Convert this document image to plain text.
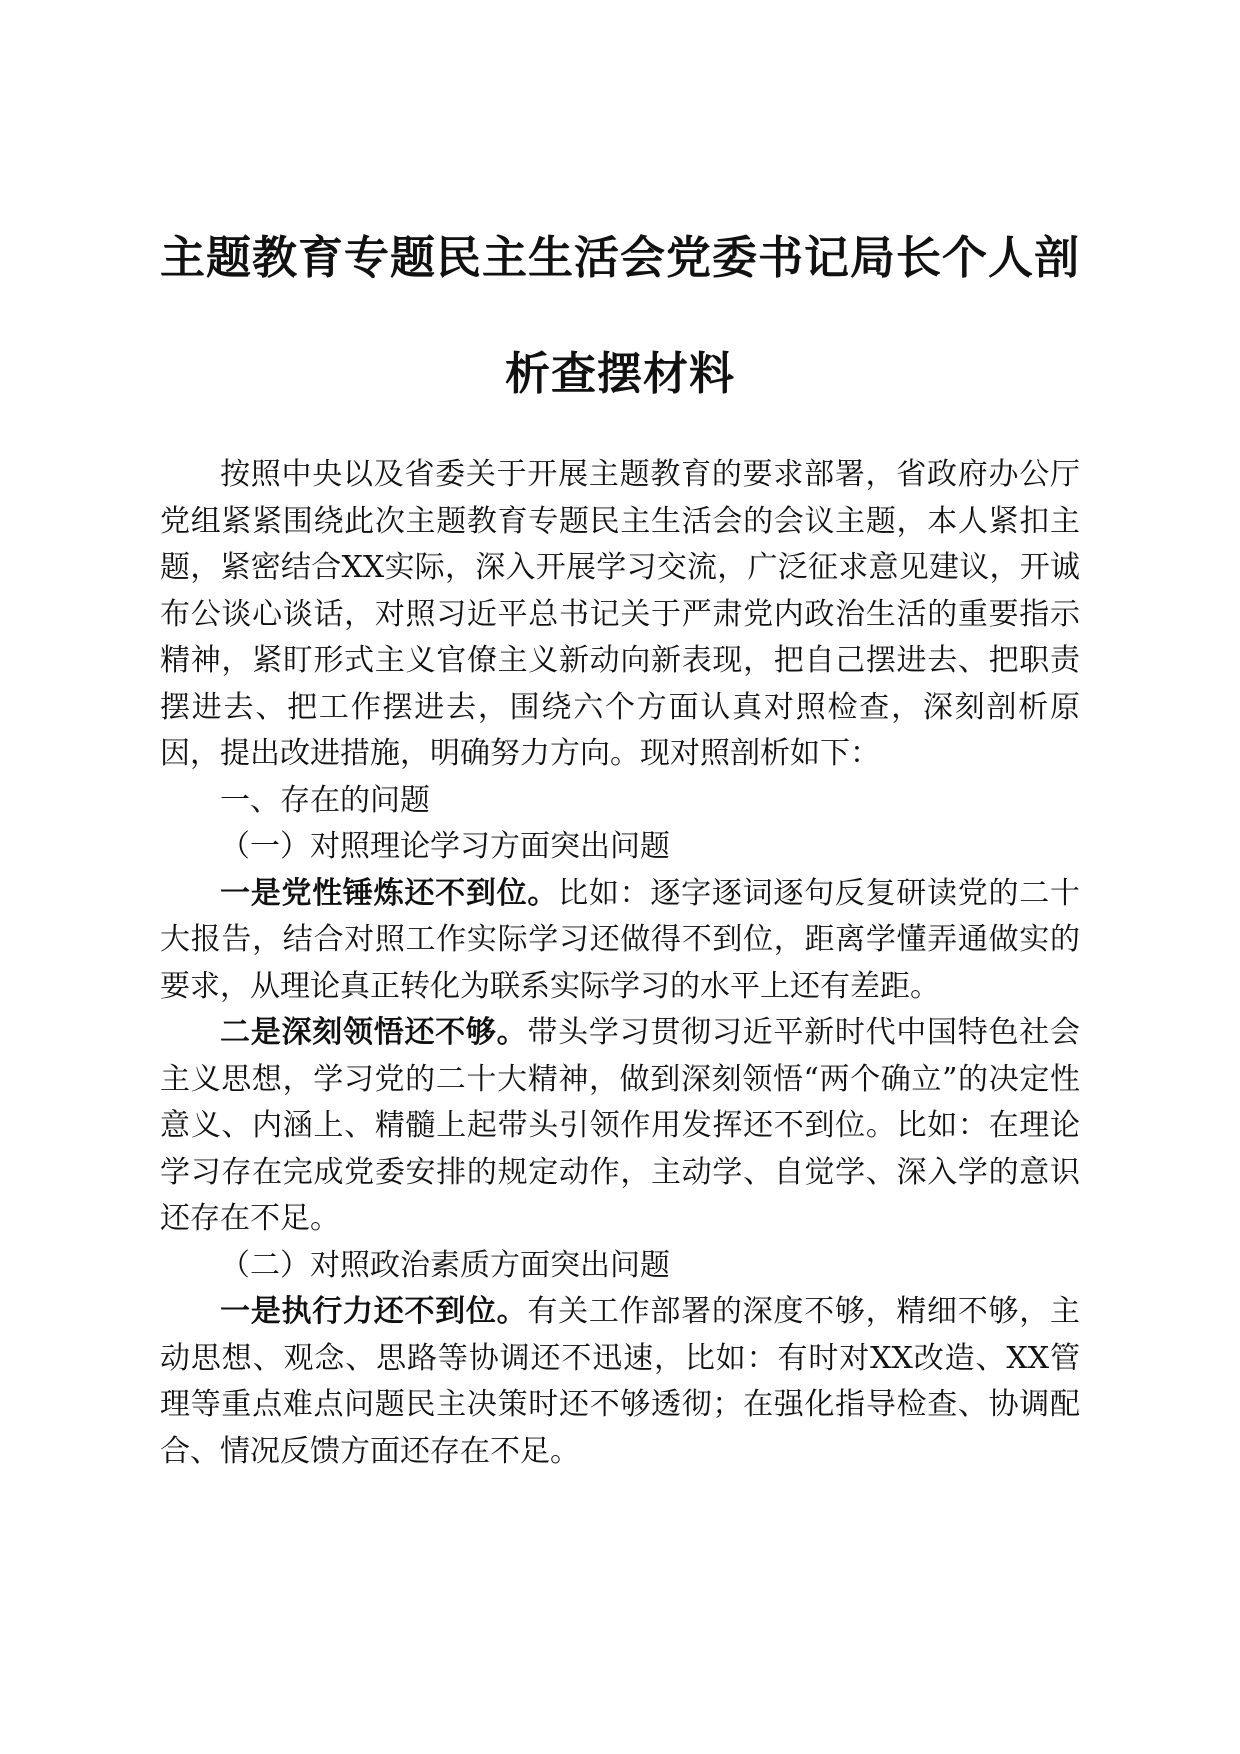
主题教育专题民主生活会党委书记局长个人剖
析查摆材料

按照中央以及省委关于开展主题教育的要求部署，省政府办公厅党组紧紧围绕此次主题教育专题民主生活会的会议主题，本人紧扣主题，紧密结合XX实际，深入开展学习交流，广泛征求意见建议，开诚布公谈心谈话，对照习近平总书记关于严肃党内政治生活的重要指示精神，紧盯形式主义官僚主义新动向新表现，把自己摆进去、把职责摆进去、把工作摆进去，围绕六个方面认真对照检查，深刻剖析原因，提出改进措施，明确努力方向。现对照剖析如下：

一、存在的问题

（一）对照理论学习方面突出问题

一是党性锤炼还不到位。比如：逐字逐词逐句反复研读党的二十大报告，结合对照工作实际学习还做得不到位，距离学懂弄通做实的要求，从理论真正转化为联系实际学习的水平上还有差距。

二是深刻领悟还不够。带头学习贯彻习近平新时代中国特色社会主义思想，学习党的二十大精神，做到深刻领悟“两个确立”的决定性意义、内涵上、精髓上起带头引领作用发挥还不到位。比如：在理论学习存在完成党委安排的规定动作，主动学、自觉学、深入学的意识还存在不足。

（二）对照政治素质方面突出问题

一是执行力还不到位。有关工作部署的深度不够，精细不够，主动思想、观念、思路等协调还不迅速，比如：有时对XX改造、XX管理等重点难点问题民主决策时还不够透彻；在强化指导检查、协调配合、情况反馈方面还存在不足。
